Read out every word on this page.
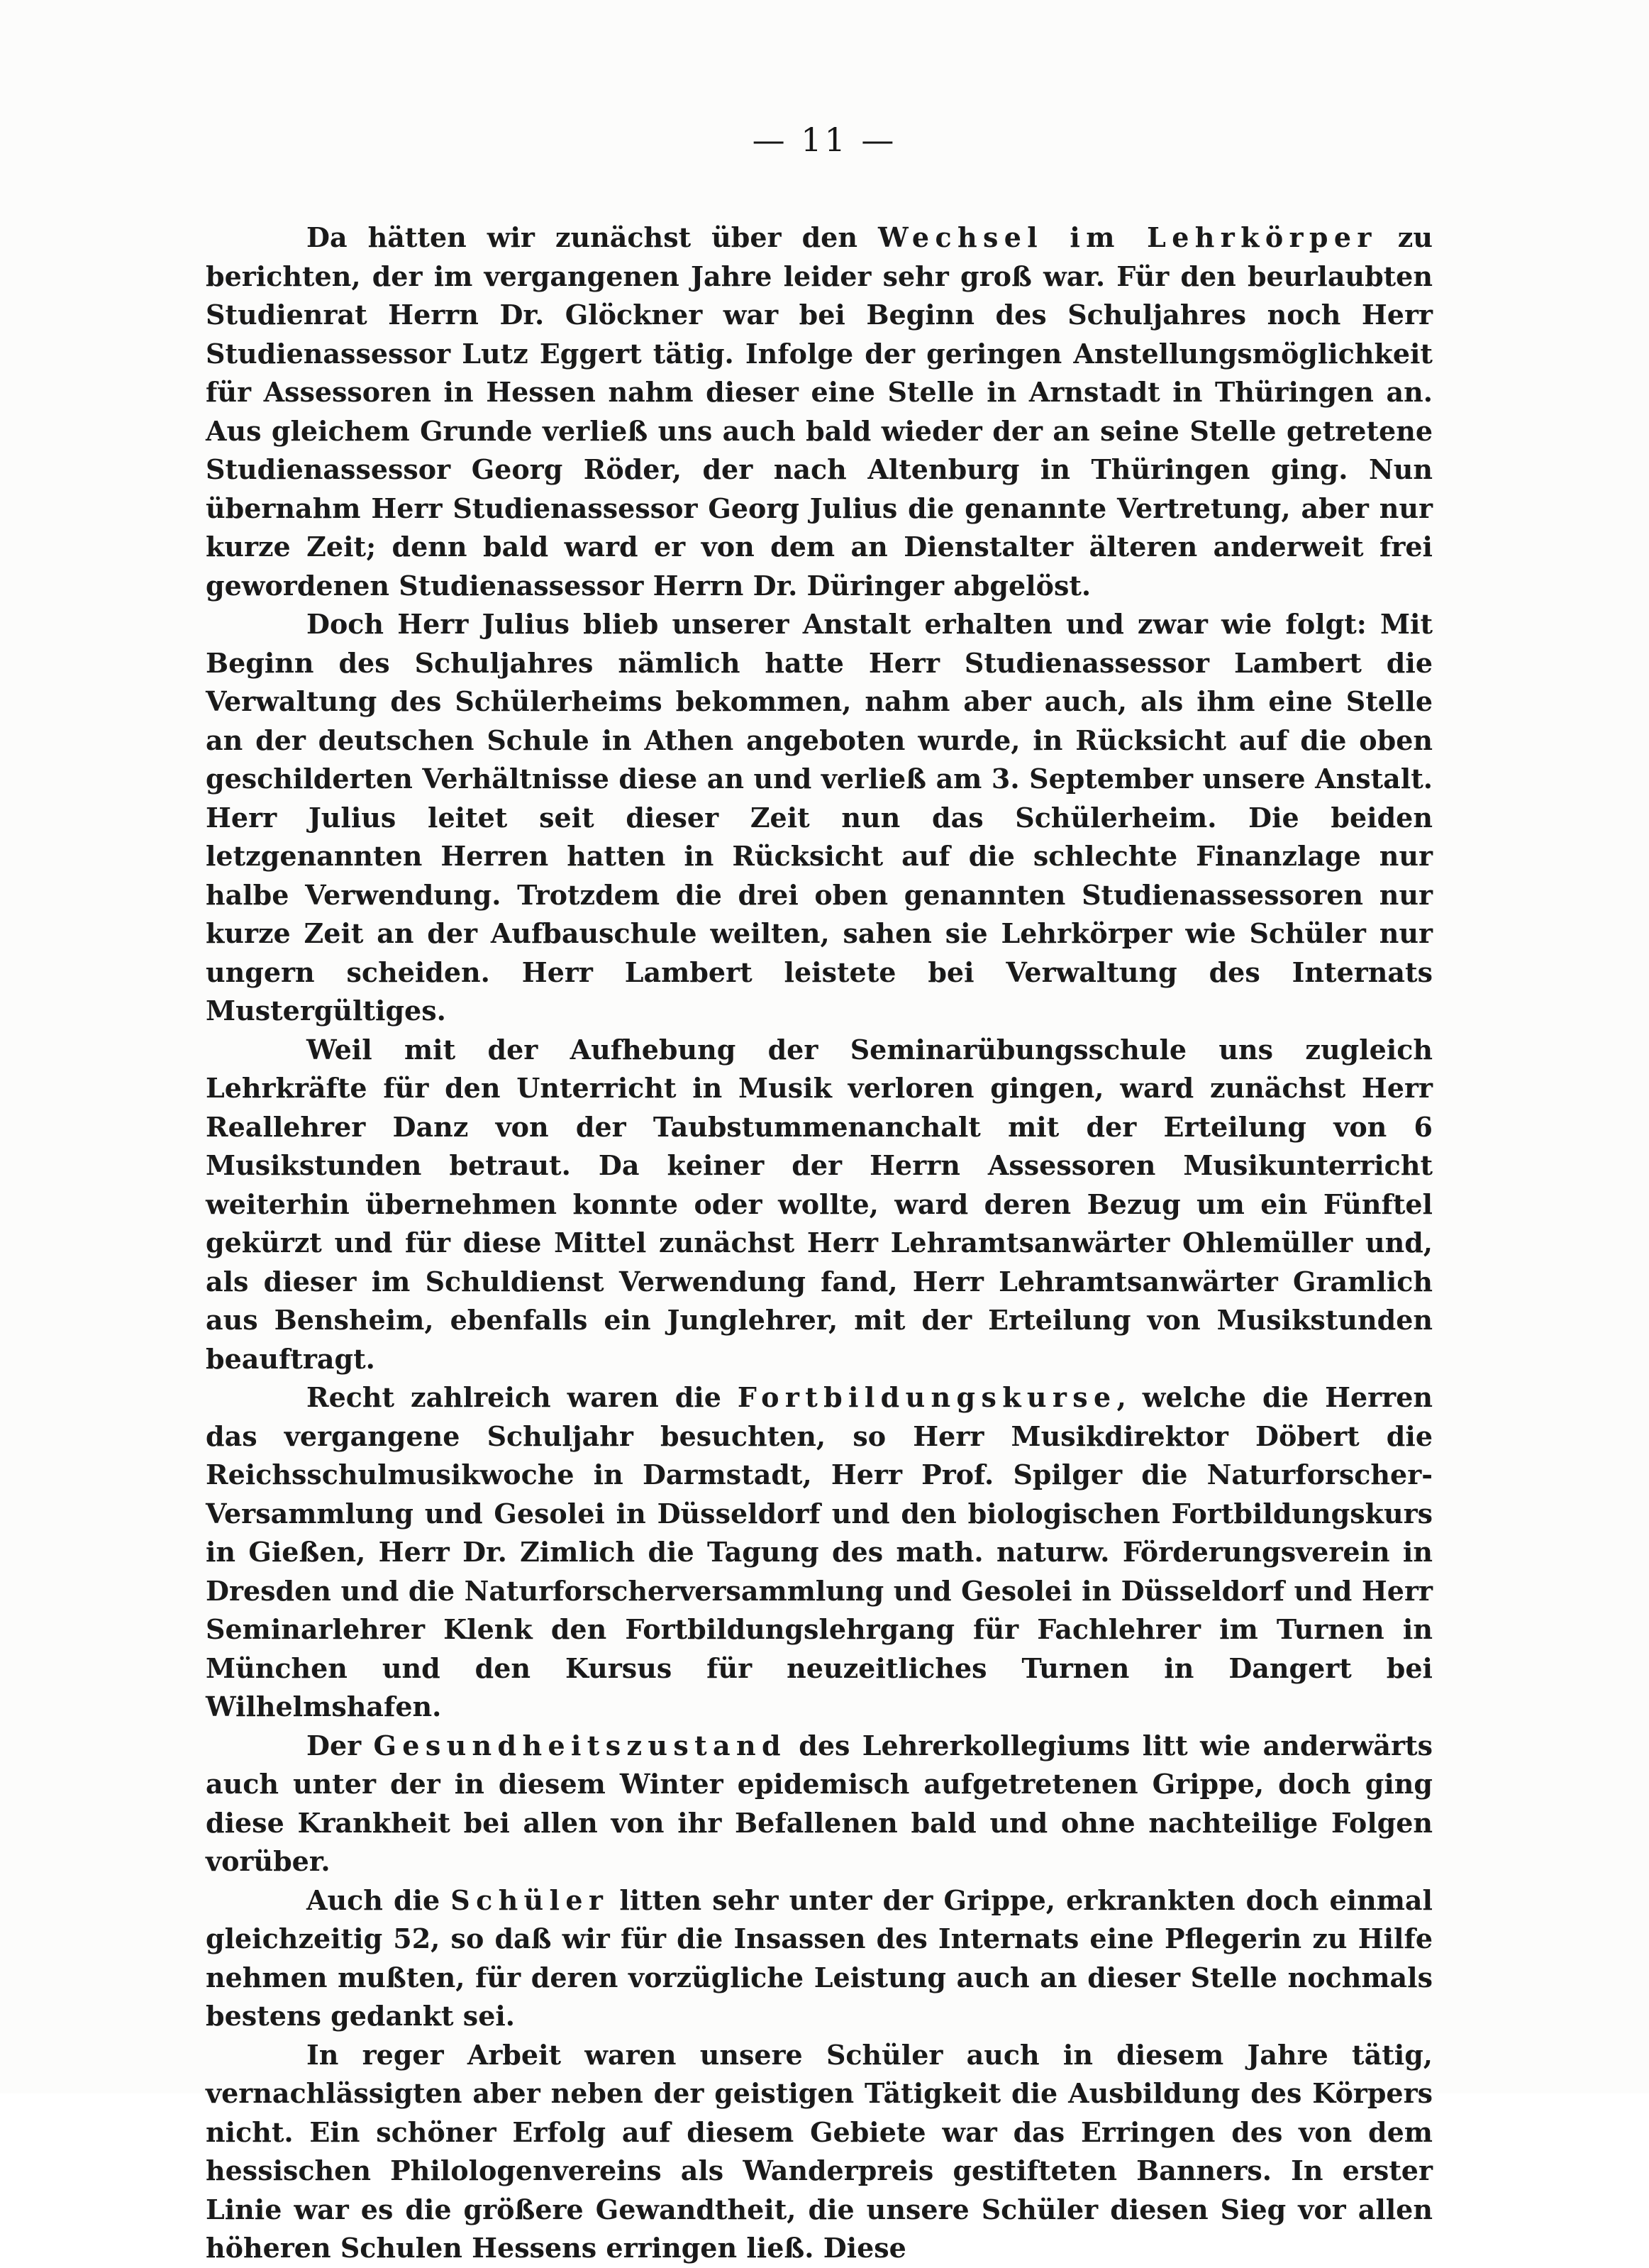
— 11 —

Da hätten wir zunächst über den Wechsel im Lehrkörper zu berichten, der im vergangenen Jahre leider sehr groß war. Für den beurlaubten Studienrat Herrn Dr. Glöckner war bei Beginn des Schuljahres noch Herr Studienassessor Lutz Eggert tätig. Infolge der geringen Anstellungsmöglichkeit für Assessoren in Hessen nahm dieser eine Stelle in Arnstadt in Thüringen an. Aus gleichem Grunde verließ uns auch bald wieder der an seine Stelle getretene Studienassessor Georg Röder, der nach Altenburg in Thüringen ging. Nun übernahm Herr Studienassessor Georg Julius die genannte Vertretung, aber nur kurze Zeit; denn bald ward er von dem an Dienstalter älteren anderweit frei gewordenen Studienassessor Herrn Dr. Düringer abgelöst.

Doch Herr Julius blieb unserer Anstalt erhalten und zwar wie folgt: Mit Beginn des Schuljahres nämlich hatte Herr Studienassessor Lambert die Verwaltung des Schülerheims bekommen, nahm aber auch, als ihm eine Stelle an der deutschen Schule in Athen angeboten wurde, in Rücksicht auf die oben geschilderten Verhältnisse diese an und verließ am 3. September unsere Anstalt. Herr Julius leitet seit dieser Zeit nun das Schülerheim. Die beiden letzgenannten Herren hatten in Rücksicht auf die schlechte Finanzlage nur halbe Verwendung. Trotzdem die drei oben genannten Studienassessoren nur kurze Zeit an der Aufbauschule weilten, sahen sie Lehrkörper wie Schüler nur ungern scheiden. Herr Lambert leistete bei Verwaltung des Internats Mustergültiges.

Weil mit der Aufhebung der Seminarübungsschule uns zugleich Lehrkräfte für den Unterricht in Musik verloren gingen, ward zunächst Herr Reallehrer Danz von der Taubstummenanchalt mit der Erteilung von 6 Musikstunden betraut. Da keiner der Herrn Assessoren Musikunterricht weiterhin übernehmen konnte oder wollte, ward deren Bezug um ein Fünftel gekürzt und für diese Mittel zunächst Herr Lehramtsanwärter Ohlemüller und, als dieser im Schuldienst Verwendung fand, Herr Lehramtsanwärter Gramlich aus Bensheim, ebenfalls ein Junglehrer, mit der Erteilung von Musikstunden beauftragt.

Recht zahlreich waren die Fortbildungskurse, welche die Herren das vergangene Schuljahr besuchten, so Herr Musikdirektor Döbert die Reichsschulmusikwoche in Darmstadt, Herr Prof. Spilger die Naturforscher-Versammlung und Gesolei in Düsseldorf und den biologischen Fortbildungskurs in Gießen, Herr Dr. Zimlich die Tagung des math. naturw. Förderungsverein in Dresden und die Naturforscherversammlung und Gesolei in Düsseldorf und Herr Seminarlehrer Klenk den Fortbildungslehrgang für Fachlehrer im Turnen in München und den Kursus für neuzeitliches Turnen in Dangert bei Wilhelmshafen.

Der Gesundheitszustand des Lehrerkollegiums litt wie anderwärts auch unter der in diesem Winter epidemisch aufgetretenen Grippe, doch ging diese Krankheit bei allen von ihr Befallenen bald und ohne nachteilige Folgen vorüber.

Auch die Schüler litten sehr unter der Grippe, erkrankten doch einmal gleichzeitig 52, so daß wir für die Insassen des Internats eine Pflegerin zu Hilfe nehmen mußten, für deren vorzügliche Leistung auch an dieser Stelle nochmals bestens gedankt sei.

In reger Arbeit waren unsere Schüler auch in diesem Jahre tätig, vernachlässigten aber neben der geistigen Tätigkeit die Ausbildung des Körpers nicht. Ein schöner Erfolg auf diesem Gebiete war das Erringen des von dem hessischen Philologenvereins als Wanderpreis gestifteten Banners. In erster Linie war es die größere Gewandtheit, die unsere Schüler diesen Sieg vor allen höheren Schulen Hessens erringen ließ. Diese
